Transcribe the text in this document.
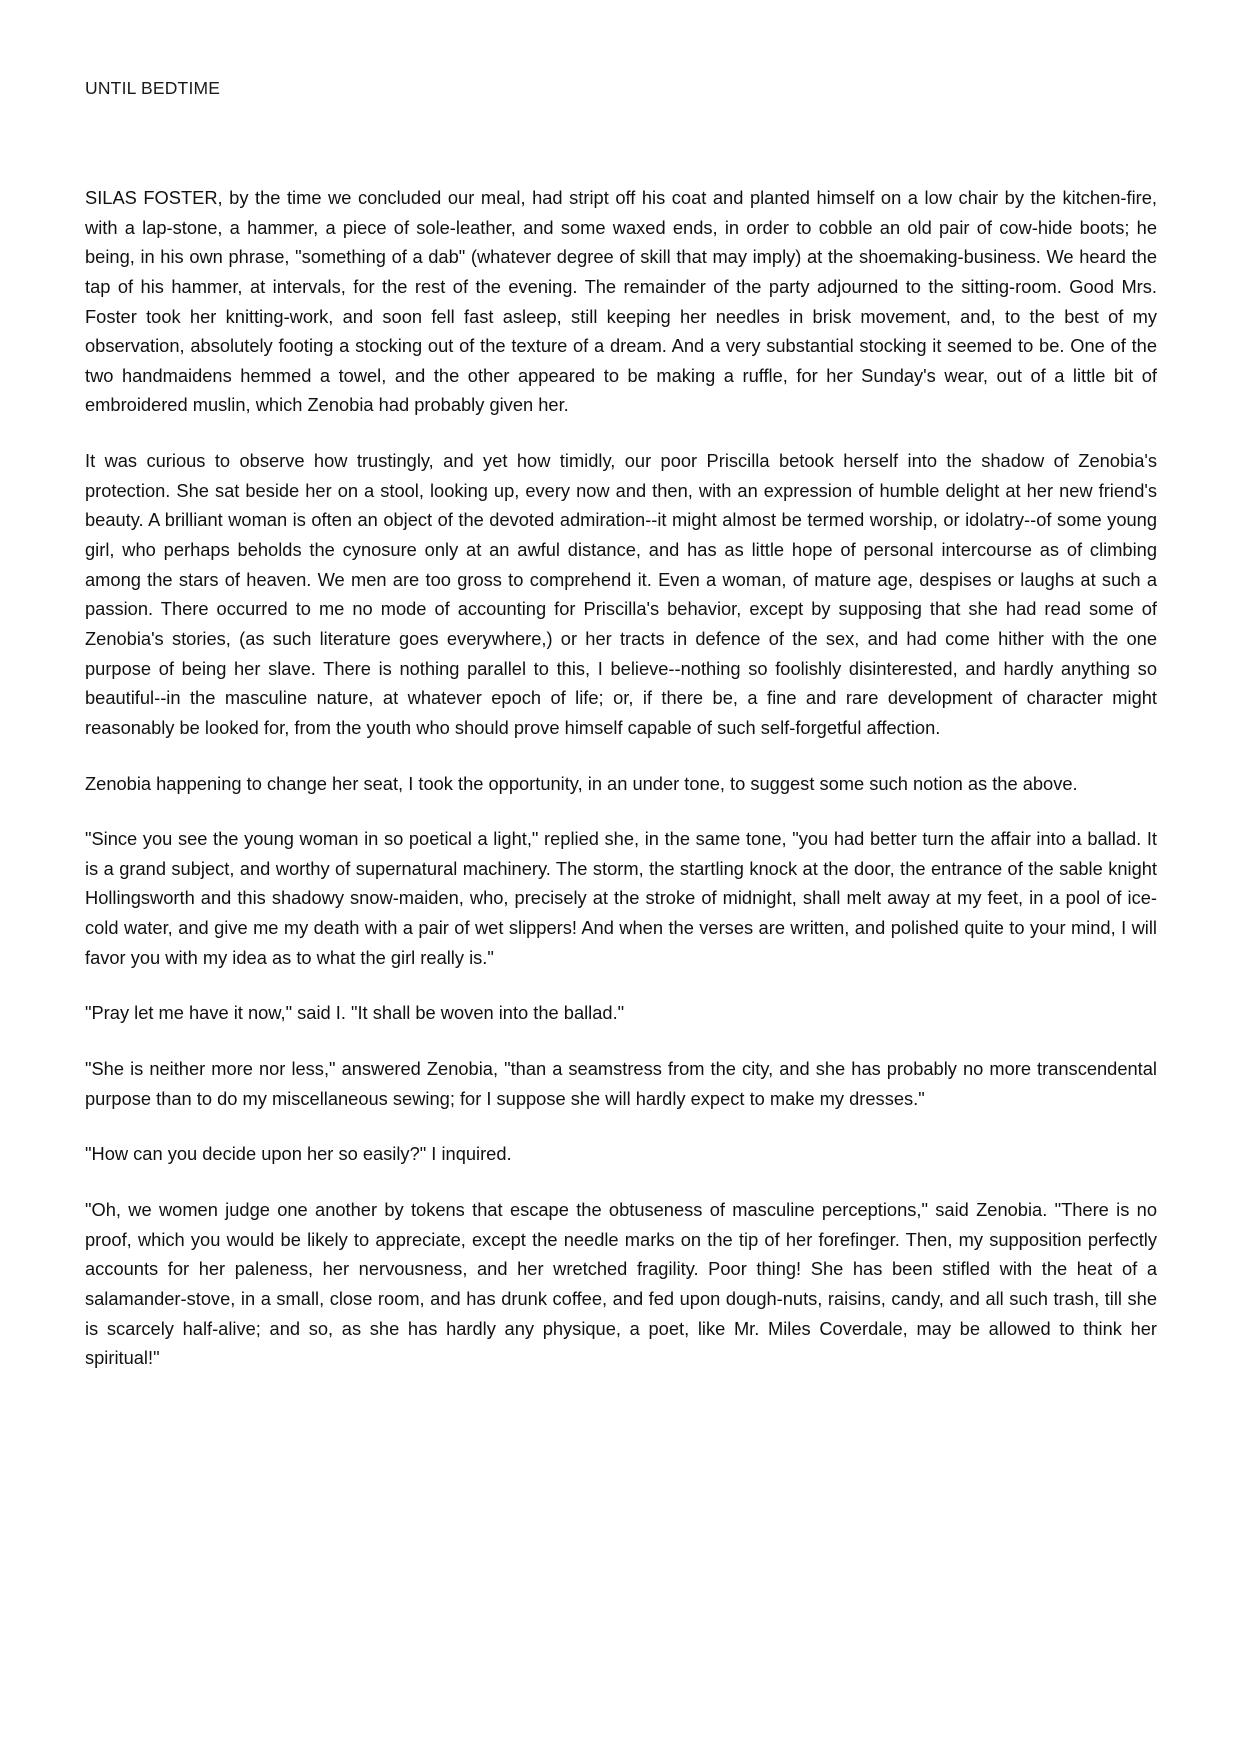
UNTIL BEDTIME

SILAS FOSTER, by the time we concluded our meal, had stript off his coat and planted himself on a low chair by the kitchen-fire, with a lap-stone, a hammer, a piece of sole-leather, and some waxed ends, in order to cobble an old pair of cow-hide boots; he being, in his own phrase, "something of a dab" (whatever degree of skill that may imply) at the shoemaking-business. We heard the tap of his hammer, at intervals, for the rest of the evening. The remainder of the party adjourned to the sitting-room. Good Mrs. Foster took her knitting-work, and soon fell fast asleep, still keeping her needles in brisk movement, and, to the best of my observation, absolutely footing a stocking out of the texture of a dream. And a very substantial stocking it seemed to be. One of the two handmaidens hemmed a towel, and the other appeared to be making a ruffle, for her Sunday's wear, out of a little bit of embroidered muslin, which Zenobia had probably given her.

It was curious to observe how trustingly, and yet how timidly, our poor Priscilla betook herself into the shadow of Zenobia's protection. She sat beside her on a stool, looking up, every now and then, with an expression of humble delight at her new friend's beauty. A brilliant woman is often an object of the devoted admiration--it might almost be termed worship, or idolatry--of some young girl, who perhaps beholds the cynosure only at an awful distance, and has as little hope of personal intercourse as of climbing among the stars of heaven. We men are too gross to comprehend it. Even a woman, of mature age, despises or laughs at such a passion. There occurred to me no mode of accounting for Priscilla's behavior, except by supposing that she had read some of Zenobia's stories, (as such literature goes everywhere,) or her tracts in defence of the sex, and had come hither with the one purpose of being her slave. There is nothing parallel to this, I believe--nothing so foolishly disinterested, and hardly anything so beautiful--in the masculine nature, at whatever epoch of life; or, if there be, a fine and rare development of character might reasonably be looked for, from the youth who should prove himself capable of such self-forgetful affection.

Zenobia happening to change her seat, I took the opportunity, in an under tone, to suggest some such notion as the above.

"Since you see the young woman in so poetical a light," replied she, in the same tone, "you had better turn the affair into a ballad. It is a grand subject, and worthy of supernatural machinery. The storm, the startling knock at the door, the entrance of the sable knight Hollingsworth and this shadowy snow-maiden, who, precisely at the stroke of midnight, shall melt away at my feet, in a pool of ice-cold water, and give me my death with a pair of wet slippers! And when the verses are written, and polished quite to your mind, I will favor you with my idea as to what the girl really is."

"Pray let me have it now," said I. "It shall be woven into the ballad."

"She is neither more nor less," answered Zenobia, "than a seamstress from the city, and she has probably no more transcendental purpose than to do my miscellaneous sewing; for I suppose she will hardly expect to make my dresses."

"How can you decide upon her so easily?" I inquired.

"Oh, we women judge one another by tokens that escape the obtuseness of masculine perceptions," said Zenobia. "There is no proof, which you would be likely to appreciate, except the needle marks on the tip of her forefinger. Then, my supposition perfectly accounts for her paleness, her nervousness, and her wretched fragility. Poor thing! She has been stifled with the heat of a salamander-stove, in a small, close room, and has drunk coffee, and fed upon dough-nuts, raisins, candy, and all such trash, till she is scarcely half-alive; and so, as she has hardly any physique, a poet, like Mr. Miles Coverdale, may be allowed to think her spiritual!"
